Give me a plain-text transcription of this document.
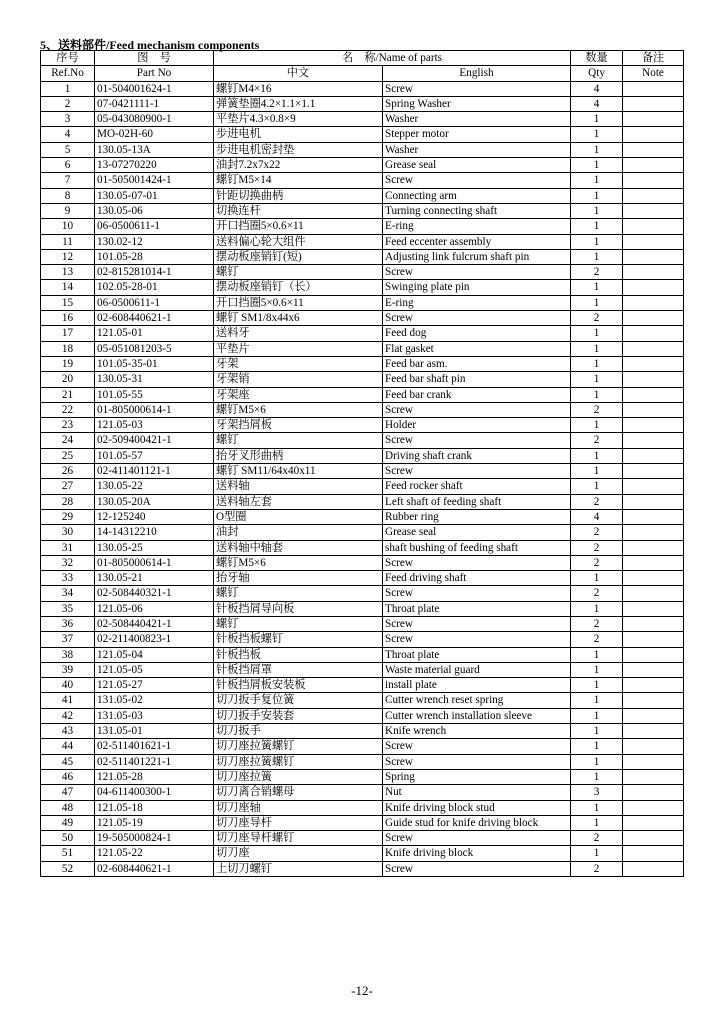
5、送料部件/Feed mechanism components
序号	图　号	名　称/Name of parts		数量	备注
Ref.No	Part No	中文	English	Qty	Note
1	01-504001624-1	螺钉M4×16	Screw	4	
2	07-0421111-1	弹簧垫圈4.2×1.1×1.1	Spring Washer	4	
3	05-043080900-1	平垫片4.3×0.8×9	Washer	1	
4	MO-02H-60	步进电机	Stepper motor	1	
5	130.05-13A	步进电机密封垫	Washer	1	
6	13-07270220	油封7.2x7x22	Grease seal	1	
7	01-505001424-1	螺钉M5×14	Screw	1	
8	130.05-07-01	针距切换曲柄	Connecting arm	1	
9	130.05-06	切换连杆	Turning connecting shaft	1	
10	06-0500611-1	开口挡圈5×0.6×11	E-ring	1	
11	130.02-12	送料偏心轮大组件	Feed eccenter assembly	1	
12	101.05-28	摆动板座销钉(短)	Adjusting link fulcrum shaft pin	1	
13	02-815281014-1	螺钉	Screw	2	
14	102.05-28-01	摆动板座销钉（长）	Swinging plate pin	1	
15	06-0500611-1	开口挡圈5×0.6×11	E-ring	1	
16	02-608440621-1	螺钉 SM1/8x44x6	Screw	2	
17	121.05-01	送料牙	Feed dog	1	
18	05-051081203-5	平垫片	Flat gasket	1	
19	101.05-35-01	牙架	Feed bar asm.	1	
20	130.05-31	牙架销	Feed bar shaft pin	1	
21	101.05-55	牙架座	Feed bar crank	1	
22	01-805000614-1	螺钉M5×6	Screw	2	
23	121.05-03	牙架挡屑板	Holder	1	
24	02-509400421-1	螺钉	Screw	2	
25	101.05-57	抬牙叉形曲柄	Driving shaft crank	1	
26	02-411401121-1	螺钉 SM11/64x40x11	Screw	1	
27	130.05-22	送料轴	Feed rocker shaft	1	
28	130.05-20A	送料轴左套	Left shaft of feeding shaft	2	
29	12-125240	O型圈	Rubber ring	4	
30	14-14312210	油封	Grease seal	2	
31	130.05-25	送料轴中轴套	shaft bushing of feeding shaft	2	
32	01-805000614-1	螺钉M5×6	Screw	2	
33	130.05-21	抬牙轴	Feed driving shaft	1	
34	02-508440321-1	螺钉	Screw	2	
35	121.05-06	针板挡屑导向板	Throat plate	1	
36	02-508440421-1	螺钉	Screw	2	
37	02-211400823-1	针板挡板螺钉	Screw	2	
38	121.05-04	针板挡板	Throat plate	1	
39	121.05-05	针板挡屑罩	Waste material guard	1	
40	121.05-27	针板挡屑板安装板	install plate	1	
41	131.05-02	切刀扳手复位簧	Cutter wrench reset spring	1	
42	131.05-03	切刀扳手安装套	Cutter wrench installation sleeve	1	
43	131.05-01	切刀扳手	Knife wrench	1	
44	02-511401621-1	切刀座拉簧螺钉	Screw	1	
45	02-511401221-1	切刀座拉簧螺钉	Screw	1	
46	121.05-28	切刀座拉簧	Spring	1	
47	04-611400300-1	切刀离合销螺母	Nut	3	
48	121.05-18	切刀座轴	Knife driving block stud	1	
49	121.05-19	切刀座导杆	Guide stud for knife driving block	1	
50	19-505000824-1	切刀座导杆螺钉	Screw	2	
51	121.05-22	切刀座	Knife driving block	1	
52	02-608440621-1	上切刀螺钉	Screw	2	
-12-
